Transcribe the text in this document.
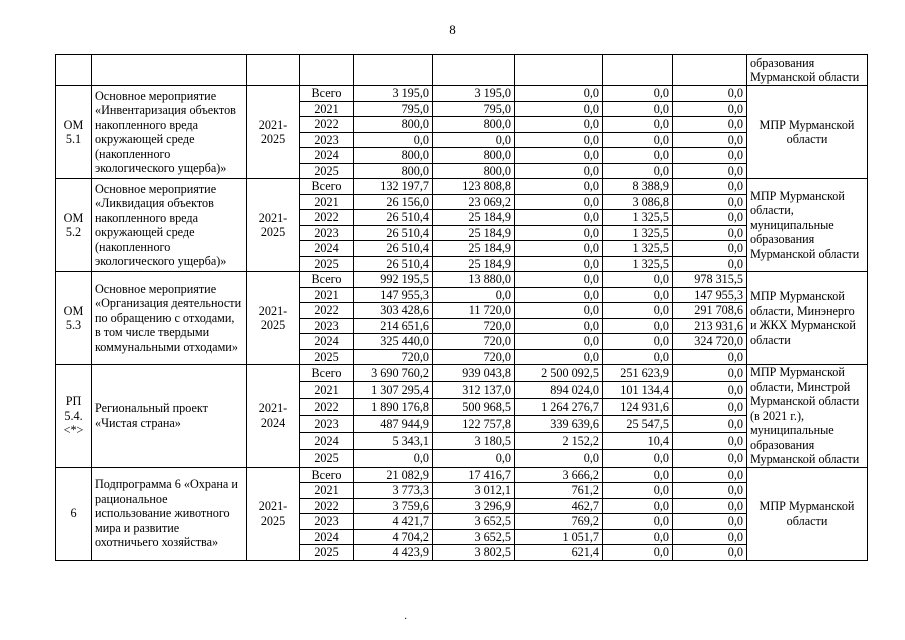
8
									образования Мурманской области
ОМ 5.1	Основное мероприятие «Инвентаризация объектов накопленного вреда окружающей среде (накопленного экологического ущерба)»	2021-2025	Всего	3 195,0	3 195,0	0,0	0,0	0,0	МПР Мурманской области
			2021	795,0	795,0	0,0	0,0	0,0	
			2022	800,0	800,0	0,0	0,0	0,0	
			2023	0,0	0,0	0,0	0,0	0,0	
			2024	800,0	800,0	0,0	0,0	0,0	
			2025	800,0	800,0	0,0	0,0	0,0	
ОМ 5.2	Основное мероприятие «Ликвидация объектов накопленного вреда окружающей среде (накопленного экологического ущерба)»	2021-2025	Всего	132 197,7	123 808,8	0,0	8 388,9	0,0	МПР Мурманской области, муниципальные образования Мурманской области
			2021	26 156,0	23 069,2	0,0	3 086,8	0,0	
			2022	26 510,4	25 184,9	0,0	1 325,5	0,0	
			2023	26 510,4	25 184,9	0,0	1 325,5	0,0	
			2024	26 510,4	25 184,9	0,0	1 325,5	0,0	
			2025	26 510,4	25 184,9	0,0	1 325,5	0,0	
ОМ 5.3	Основное мероприятие «Организация деятельности по обращению с отходами, в том числе твердыми коммунальными отходами»	2021-2025	Всего	992 195,5	13 880,0	0,0	0,0	978 315,5	МПР Мурманской области, Минэнерго и ЖКХ Мурманской области
			2021	147 955,3	0,0	0,0	0,0	147 955,3	
			2022	303 428,6	11 720,0	0,0	0,0	291 708,6	
			2023	214 651,6	720,0	0,0	0,0	213 931,6	
			2024	325 440,0	720,0	0,0	0,0	324 720,0	
			2025	720,0	720,0	0,0	0,0	0,0	
РП 5.4. <*>	Региональный проект «Чистая страна»	2021-2024	Всего	3 690 760,2	939 043,8	2 500 092,5	251 623,9	0,0	МПР Мурманской области, Минстрой Мурманской области (в 2021 г.), муниципальные образования Мурманской области
			2021	1 307 295,4	312 137,0	894 024,0	101 134,4	0,0	
			2022	1 890 176,8	500 968,5	1 264 276,7	124 931,6	0,0	
			2023	487 944,9	122 757,8	339 639,6	25 547,5	0,0	
			2024	5 343,1	3 180,5	2 152,2	10,4	0,0	
			2025	0,0	0,0	0,0	0,0	0,0	
6	Подпрограмма 6 «Охрана и рациональное использование животного мира и развитие охотничьего хозяйства»	2021-2025	Всего	21 082,9	17 416,7	3 666,2	0,0	0,0	МПР Мурманской области
			2021	3 773,3	3 012,1	761,2	0,0	0,0	
			2022	3 759,6	3 296,9	462,7	0,0	0,0	
			2023	4 421,7	3 652,5	769,2	0,0	0,0	
			2024	4 704,2	3 652,5	1 051,7	0,0	0,0	
			2025	4 423,9	3 802,5	621,4	0,0	0,0	
·
